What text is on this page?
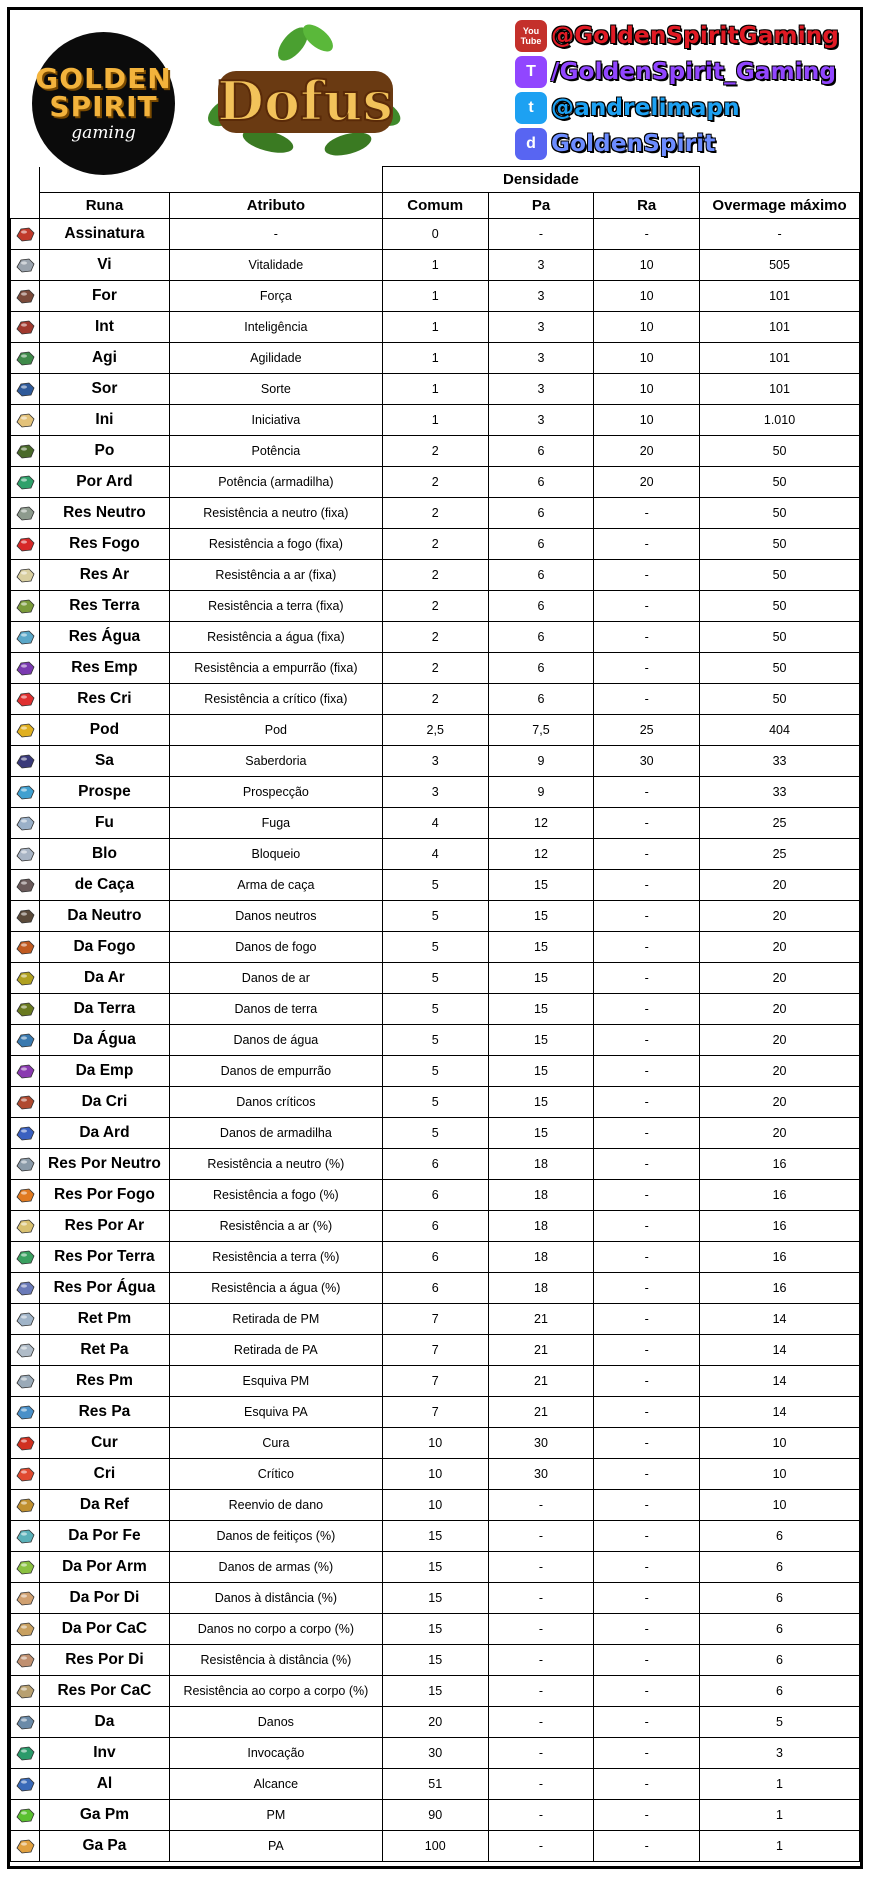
GOLDEN
SPIRIT
gaming Dofus
You Tube @GoldenSpiritGaming
T /GoldenSpirit_Gaming
t @andrelimapn
d GoldenSpirit
			Densidade			
	Runa	Atributo	Comum	Pa	Ra	Overmage máximo
	Assinatura	-	0	-	-	-
	Vi	Vitalidade	1	3	10	505
	For	Força	1	3	10	101
	Int	Inteligência	1	3	10	101
	Agi	Agilidade	1	3	10	101
	Sor	Sorte	1	3	10	101
	Ini	Iniciativa	1	3	10	1.010
	Po	Potência	2	6	20	50
	Por Ard	Potência (armadilha)	2	6	20	50
	Res Neutro	Resistência a neutro (fixa)	2	6	-	50
	Res Fogo	Resistência a fogo (fixa)	2	6	-	50
	Res Ar	Resistência a ar (fixa)	2	6	-	50
	Res Terra	Resistência a terra (fixa)	2	6	-	50
	Res Água	Resistência a água (fixa)	2	6	-	50
	Res Emp	Resistência a empurrão (fixa)	2	6	-	50
	Res Cri	Resistência a crítico (fixa)	2	6	-	50
	Pod	Pod	2,5	7,5	25	404
	Sa	Saberdoria	3	9	30	33
	Prospe	Prospecção	3	9	-	33
	Fu	Fuga	4	12	-	25
	Blo	Bloqueio	4	12	-	25
	de Caça	Arma de caça	5	15	-	20
	Da Neutro	Danos neutros	5	15	-	20
	Da Fogo	Danos de fogo	5	15	-	20
	Da Ar	Danos de ar	5	15	-	20
	Da Terra	Danos de terra	5	15	-	20
	Da Água	Danos de água	5	15	-	20
	Da Emp	Danos de empurrão	5	15	-	20
	Da Cri	Danos críticos	5	15	-	20
	Da Ard	Danos de armadilha	5	15	-	20
	Res Por Neutro	Resistência a neutro (%)	6	18	-	16
	Res Por Fogo	Resistência a fogo (%)	6	18	-	16
	Res Por Ar	Resistência a ar (%)	6	18	-	16
	Res Por Terra	Resistência a terra (%)	6	18	-	16
	Res Por Água	Resistência a água (%)	6	18	-	16
	Ret Pm	Retirada de PM	7	21	-	14
	Ret Pa	Retirada de PA	7	21	-	14
	Res Pm	Esquiva PM	7	21	-	14
	Res Pa	Esquiva PA	7	21	-	14
	Cur	Cura	10	30	-	10
	Cri	Crítico	10	30	-	10
	Da Ref	Reenvio de dano	10	-	-	10
	Da Por Fe	Danos de feitiços (%)	15	-	-	6
	Da Por Arm	Danos de armas (%)	15	-	-	6
	Da Por Di	Danos à distância (%)	15	-	-	6
	Da Por CaC	Danos no corpo a corpo (%)	15	-	-	6
	Res Por Di	Resistência à distância (%)	15	-	-	6
	Res Por CaC	Resistência ao corpo a corpo (%)	15	-	-	6
	Da	Danos	20	-	-	5
	Inv	Invocação	30	-	-	3
	Al	Alcance	51	-	-	1
	Ga Pm	PM	90	-	-	1
	Ga Pa	PA	100	-	-	1
